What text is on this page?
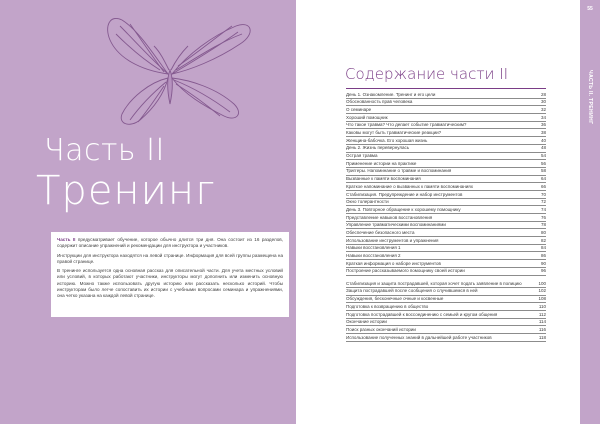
Часть II
Тренинг

Часть II предусматривает обучение, которое обычно длится три дня. Она состоит из 16 разделов, содержит описание упражнений и рекомендации для инструктора и участников.

Инструкции для инструктора находятся на левой странице. Информация для всей группы размещена на правой странице.

В тренинге используется одна основная рассказ для описательной части. Для учета местных условий или условий, в которых работают участники, инструкторы могут дополнить или изменить основную историю. Можно также использовать другую историю или рассказать несколько историй. Чтобы инструкторам было легче сопоставить их истории с учебными вопросами семинара и упражнениями, она четко указана на каждой левой странице.

55
ЧАСТЬ II. ТРЕНИНГ
Содержание части II
День 1. Ознакомление. Тренинг и его цели	28
Обоснованность прав человека	30
О семинаре	32
Хороший помощник	34
Что такое травма? Что делает событие травматическим?	36
Каковы могут быть травматические реакции?	38
Женщина-бабочка. Его хорошая жизнь	40
День 2. Жизнь перевернулась	48
Острая травма	54
Применение истории на практике	56
Триггеры. Напоминание о травме и воспоминания	58
Вызванные к памяти воспоминания	64
Краткое напоминание о вызванных к памяти воспоминаниях	66
Стабилизация. Предупреждение и набор инструментов	70
Окно толерантности	72
День 3. Повторное обращение к хорошему помощнику	74
Представление навыков восстановления	76
Управление травматическими воспоминаниями	78
Обеспечение безопасного места	80
Использование инструментов и упражнения	82
Навыки восстановления 1	84
Навыки восстановления 2	86
Краткая информация о наборе инструментов	90
Построение рассказываемого помощнику своей истории	96
Стабилизация и защита пострадавшей, которая хочет подать заявление в полицию	100
Защита пострадавшей после сообщения о случившемся в ней	102
Обсуждения, бесконечные очные и косвенные	108
Подготовка к возвращению в общество	110
Подготовка пострадавшей к воссоединению с семьей и кругом общения	112
Окончание истории	114
Поиск разных окончаний истории	116
Использование полученных знаний в дальнейшей работе участников	118
